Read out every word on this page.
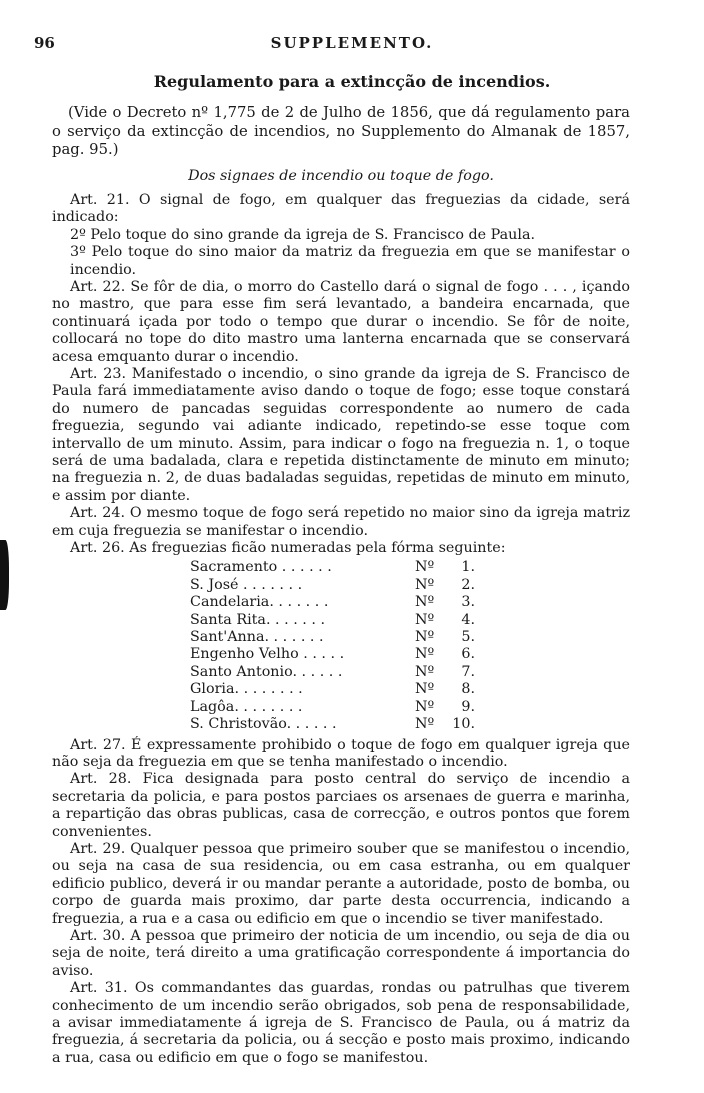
96	SUPPLEMENTO.
Regulamento para a extincção de incendios.

(Vide o Decreto nº 1,775 de 2 de Julho de 1856, que dá regulamento para o serviço da extincção de incendios, no Supplemento do Almanak de 1857, pag. 95.)

Dos signaes de incendio ou toque de fogo.

Art. 21. O signal de fogo, em qualquer das freguezias da cidade, será indicado:

2º Pelo toque do sino grande da igreja de S. Francisco de Paula.

3º Pelo toque do sino maior da matriz da freguezia em que se manifestar o incendio.

Art. 22. Se fôr de dia, o morro do Castello dará o signal de fogo . . . , içando no mastro, que para esse fim será levantado, a bandeira encarnada, que continuará içada por todo o tempo que durar o incendio. Se fôr de noite, collocará no tope do dito mastro uma lanterna encarnada que se conservará acesa emquanto durar o incendio.

Art. 23. Manifestado o incendio, o sino grande da igreja de S. Francisco de Paula fará immediatamente aviso dando o toque de fogo; esse toque constará do numero de pancadas seguidas correspondente ao numero de cada freguezia, segundo vai adiante indicado, repetindo-se esse toque com intervallo de um minuto. Assim, para indicar o fogo na freguezia n. 1, o toque será de uma badalada, clara e repetida distinctamente de minuto em minuto; na freguezia n. 2, de duas badaladas seguidas, repetidas de minuto em minuto, e assim por diante.

Art. 24. O mesmo toque de fogo será repetido no maior sino da igreja matriz em cuja freguezia se manifestar o incendio.

Art. 26. As freguezias ficão numeradas pela fórma seguinte:

Sacramento . . . . . .	Nº	1.
S. José . . . . . . .	Nº	2.
Candelaria. . . . . . .	Nº	3.
Santa Rita. . . . . . .	Nº	4.
Sant'Anna. . . . . . .	Nº	5.
Engenho Velho . . . . .	Nº	6.
Santo Antonio. . . . . .	Nº	7.
Gloria. . . . . . . .	Nº	8.
Lagôa. . . . . . . .	Nº	9.
S. Christovão. . . . . .	Nº	10.

Art. 27. É expressamente prohibido o toque de fogo em qualquer igreja que não seja da freguezia em que se tenha manifestado o incendio.

Art. 28. Fica designada para posto central do serviço de incendio a secretaria da policia, e para postos parciaes os arsenaes de guerra e marinha, a repartição das obras publicas, casa de correcção, e outros pontos que forem convenientes.

Art. 29. Qualquer pessoa que primeiro souber que se manifestou o incendio, ou seja na casa de sua residencia, ou em casa estranha, ou em qualquer edificio publico, deverá ir ou mandar perante a autoridade, posto de bomba, ou corpo de guarda mais proximo, dar parte desta occurrencia, indicando a freguezia, a rua e a casa ou edificio em que o incendio se tiver manifestado.

Art. 30. A pessoa que primeiro der noticia de um incendio, ou seja de dia ou seja de noite, terá direito a uma gratificação correspondente á importancia do aviso.

Art. 31. Os commandantes das guardas, rondas ou patrulhas que tiverem conhecimento de um incendio serão obrigados, sob pena de responsabilidade, a avisar immediatamente á igreja de S. Francisco de Paula, ou á matriz da freguezia, á secretaria da policia, ou á secção e posto mais proximo, indicando a rua, casa ou edificio em que o fogo se manifestou.
